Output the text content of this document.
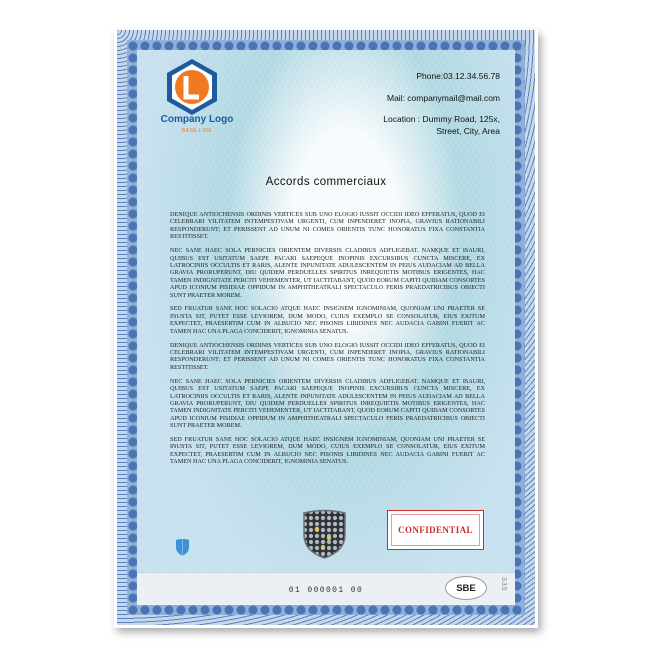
Company Logo
BASE LINE
Phone:03.12.34.56.78
Mail: companymail@mail.com
Location : Dummy Road, 125x,
Street, City, Area
Accords commerciaux

DENIQUE ANTIOCHENSIS ORDINIS VERTICES SUB UNO ELOGIO IUSSIT OCCIDI IDEO EFFERATUS, QUOD EI CELEBRARI VILITATEM INTEMPESTIVAM URGENTI, CUM INPENDERET INOPIA, GRAVIUS RATIONABILI RESPONDERUNT; ET PERISSENT AD UNUM NI COMES ORIENTIS TUNC HONORATUS FIXA CONSTANTIA RESTITISSET.

NEC SANE HAEC SOLA PERNICIES ORIENTEM DIVERSIS CLADIBUS ADFLIGEBAT. NAMQUE ET ISAURI, QUIBUS EST USITATUM SAEPE PACARI SAEPEQUE INOPINIS EXCURSIBUS CUNCTA MISCERE, EX LATROCINIIS OCCULTIS ET RARIS, ALENTE INPUNITATE ADULESCENTEM IN PEIUS AUDACIAM AD BELLA GRAVIA PRORUPERUNT, DIU QUIDEM PERDUELLES SPIRITUS INREQUIETIS MOTIBUS ERIGENTES, HAC TAMEN INDIGNITATE PERCITI VEHEMENTER, UT IACTITABANT, QUOD EORUM CAPITI QUIDAM CONSORTES APUD ICONIUM PISIDIAE OPPIDUM IN AMPHITHEATRALI SPECTACULO FERIS PRAEDATRICIBUS OBIECTI SUNT PRAETER MOREM.

SED FRUATUR SANE HOC SOLACIO ATQUE HAEC INSIGNEM IGNOMINIAM, QUONIAM UNI PRAETER SE INUSTA SIT, PUTET ESSE LEVIOREM, DUM MODO, CUIUS EXEMPLO SE CONSOLATUR, EIUS EXITUM EXPECTET, PRAESERTIM CUM IN ALBUCIO NEC PISONIS LIBIDINES NEC AUDACIA GABINI FUERIT AC TAMEN HAC UNA PLAGA CONCIDERIT, IGNOMINIA SENATUS.

DENIQUE ANTIOCHENSIS ORDINIS VERTICES SUB UNO ELOGIO IUSSIT OCCIDI IDEO EFFERATUS, QUOD EI CELEBRARI VILITATEM INTEMPESTIVAM URGENTI, CUM INPENDERET INOPIA, GRAVIUS RATIONABILI RESPONDERUNT; ET PERISSENT AD UNUM NI COMES ORIENTIS TUNC HONORATUS FIXA CONSTANTIA RESTITISSET.

NEC SANE HAEC SOLA PERNICIES ORIENTEM DIVERSIS CLADIBUS ADFLIGEBAT. NAMQUE ET ISAURI, QUIBUS EST USITATUM SAEPE PACARI SAEPEQUE INOPINIS EXCURSIBUS CUNCTA MISCERE, EX LATROCINIIS OCCULTIS ET RARIS, ALENTE INPUNITATE ADULESCENTEM IN PEIUS AUDACIAM AD BELLA GRAVIA PRORUPERUNT, DIU QUIDEM PERDUELLES SPIRITUS INREQUIETIS MOTIBUS ERIGENTES, HAC TAMEN INDIGNITATE PERCITI VEHEMENTER, UT IACTITABANT, QUOD EORUM CAPITI QUIDAM CONSORTES APUD ICONIUM PISIDIAE OPPIDUM IN AMPHITHEATRALI SPECTACULO FERIS PRAEDATRICIBUS OBIECTI SUNT PRAETER MOREM.

SED FRUATUR SANE HOC SOLACIO ATQUE HAEC INSIGNEM IGNOMINIAM, QUONIAM UNI PRAETER SE INUSTA SIT, PUTET ESSE LEVIOREM, DUM MODO, CUIUS EXEMPLO SE CONSOLATUR, EIUS EXITUM EXPECTET, PRAESERTIM CUM IN ALBUCIO NEC PISONIS LIBIDINES NEC AUDACIA GABINI FUERIT AC TAMEN HAC UNA PLAGA CONCIDERIT, IGNOMINIA SENATUS.

CONFIDENTIAL
01 000001 00	SBE	335
